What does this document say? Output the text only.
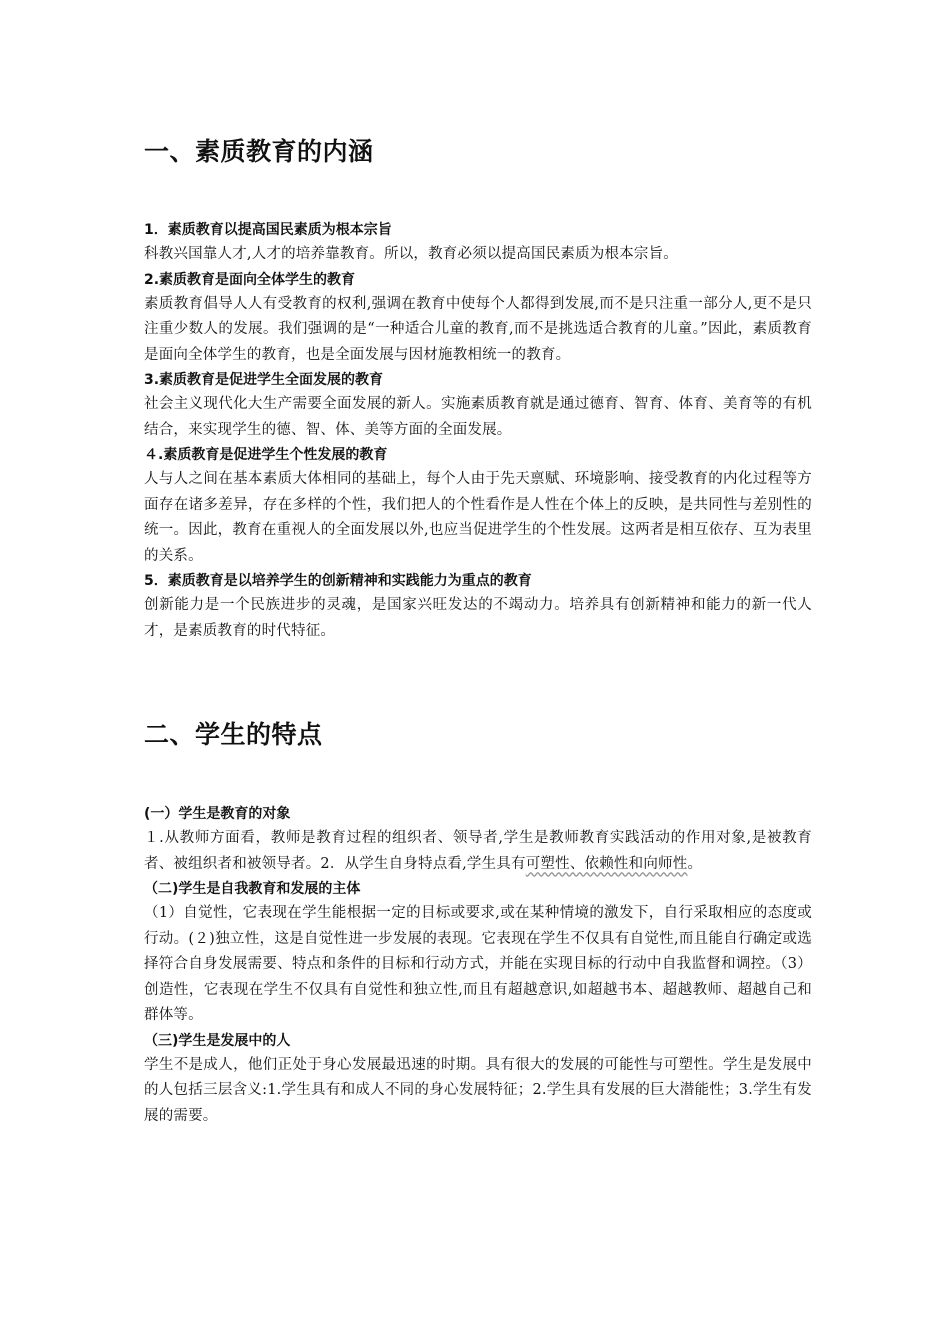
一、素质教育的内涵

1．素质教育以提高国民素质为根本宗旨

科教兴国靠人才,人才的培养靠教育。所以，教育必须以提高国民素质为根本宗旨。

2.素质教育是面向全体学生的教育

素质教育倡导人人有受教育的权利,强调在教育中使每个人都得到发展,而不是只注重一部分人,更不是只注重少数人的发展。我们强调的是“一种适合儿童的教育,而不是挑选适合教育的儿童。”因此，素质教育是面向全体学生的教育，也是全面发展与因材施教相统一的教育。

3.素质教育是促进学生全面发展的教育

社会主义现代化大生产需要全面发展的新人。实施素质教育就是通过德育、智育、体育、美育等的有机结合，来实现学生的德、智、体、美等方面的全面发展。

４.素质教育是促进学生个性发展的教育

人与人之间在基本素质大体相同的基础上，每个人由于先天禀赋、环境影响、接受教育的内化过程等方面存在诸多差异，存在多样的个性，我们把人的个性看作是人性在个体上的反映，是共同性与差别性的统一。因此，教育在重视人的全面发展以外,也应当促进学生的个性发展。这两者是相互依存、互为表里的关系。

5．素质教育是以培养学生的创新精神和实践能力为重点的教育

创新能力是一个民族进步的灵魂，是国家兴旺发达的不竭动力。培养具有创新精神和能力的新一代人才，是素质教育的时代特征。

二、学生的特点

(一）学生是教育的对象

１.从教师方面看，教师是教育过程的组织者、领导者,学生是教师教育实践活动的作用对象,是被教育者、被组织者和被领导者。2．从学生自身特点看,学生具有可塑性、依赖性和向师性。

（二)学生是自我教育和发展的主体

（1）自觉性，它表现在学生能根据一定的目标或要求,或在某种情境的激发下，自行采取相应的态度或行动。(２)独立性，这是自觉性进一步发展的表现。它表现在学生不仅具有自觉性,而且能自行确定或选择符合自身发展需要、特点和条件的目标和行动方式，并能在实现目标的行动中自我监督和调控。（3）创造性，它表现在学生不仅具有自觉性和独立性,而且有超越意识,如超越书本、超越教师、超越自己和群体等。

（三)学生是发展中的人

学生不是成人，他们正处于身心发展最迅速的时期。具有很大的发展的可能性与可塑性。学生是发展中的人包括三层含义:1.学生具有和成人不同的身心发展特征；2.学生具有发展的巨大潜能性；3.学生有发展的需要。
